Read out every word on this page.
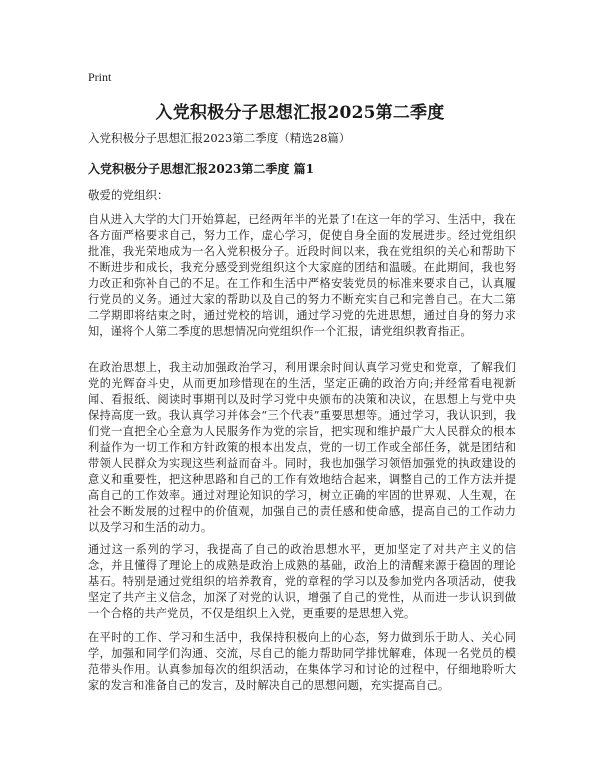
Print
入党积极分子思想汇报2025第二季度

入党积极分子思想汇报2023第二季度（精选28篇）

入党积极分子思想汇报2023第二季度 篇1

敬爱的党组织：

自从进入大学的大门开始算起，已经两年半的光景了!在这一年的学习、生活中，我在各方面严格要求自己，努力工作，虚心学习，促使自身全面的发展进步。经过党组织批准，我光荣地成为一名入党积极分子。近段时间以来，我在党组织的关心和帮助下不断进步和成长，我充分感受到党组织这个大家庭的团结和温暖。在此期间，我也努力改正和弥补自己的不足。在工作和生活中严格安装党员的标准来要求自己，认真履行党员的义务。通过大家的帮助以及自己的努力不断充实自己和完善自己。在大二第二学期即将结束之时，通过党校的培训，通过学习党的先进思想，通过自身的努力求知，谨将个人第二季度的思想情况向党组织作一个汇报，请党组织教育指正。

在政治思想上，我主动加强政治学习，利用课余时间认真学习党史和党章，了解我们党的光辉奋斗史，从而更加珍惜现在的生活，坚定正确的政治方向;并经常看电视新闻、看报纸、阅读时事期刊以及时学习党中央颁布的决策和决议，在思想上与党中央保持高度一致。我认真学习并体会“三个代表”重要思想等。通过学习，我认识到，我们党一直把全心全意为人民服务作为党的宗旨，把实现和维护最广大人民群众的根本利益作为一切工作和方针政策的根本出发点，党的一切工作或全部任务，就是团结和带领人民群众为实现这些利益而奋斗。同时，我也加强学习领悟加强党的执政建设的意义和重要性，把这种思路和自己的工作有效地结合起来，调整自己的工作方法并提高自己的工作效率。通过对理论知识的学习，树立正确的牢固的世界观、人生观，在社会不断发展的过程中的价值观，加强自己的责任感和使命感，提高自己的工作动力以及学习和生活的动力。

通过这一系列的学习，我提高了自己的政治思想水平，更加坚定了对共产主义的信念，并且懂得了理论上的成熟是政治上成熟的基础，政治上的清醒来源于稳固的理论基石。特别是通过党组织的培养教育，党的章程的学习以及参加党内各项活动，使我坚定了共产主义信念，加深了对党的认识，增强了自己的党性，从而进一步认识到做一个合格的共产党员，不仅是组织上入党，更重要的是思想入党。

在平时的工作、学习和生活中，我保持积极向上的心态，努力做到乐于助人、关心同学，加强和同学们沟通、交流，尽自己的能力帮助同学排忧解难，体现一名党员的模范带头作用。认真参加每次的组织活动，在集体学习和讨论的过程中，仔细地聆听大家的发言和准备自己的发言，及时解决自己的思想问题，充实提高自己。
